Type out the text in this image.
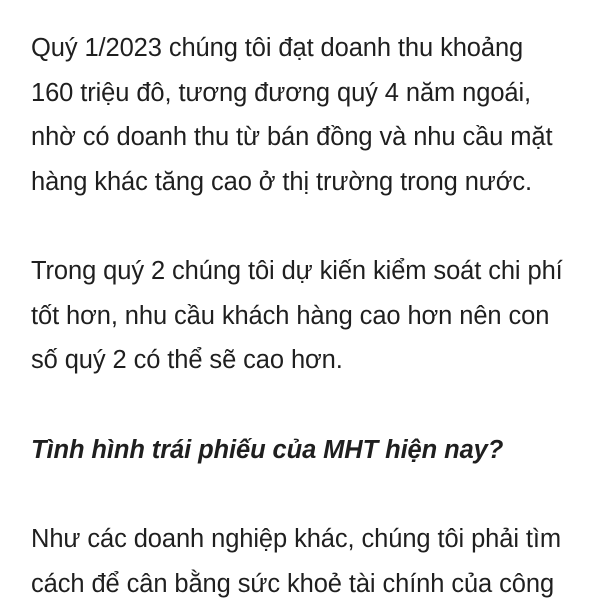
Quý 1/2023 chúng tôi đạt doanh thu khoảng
160 triệu đô, tương đương quý 4 năm ngoái,
nhờ có doanh thu từ bán đồng và nhu cầu mặt
hàng khác tăng cao ở thị trường trong nước.

Trong quý 2 chúng tôi dự kiến kiểm soát chi phí
tốt hơn, nhu cầu khách hàng cao hơn nên con
số quý 2 có thể sẽ cao hơn.

Tình hình trái phiếu của MHT hiện nay?

Như các doanh nghiệp khác, chúng tôi phải tìm
cách để cân bằng sức khoẻ tài chính của công
